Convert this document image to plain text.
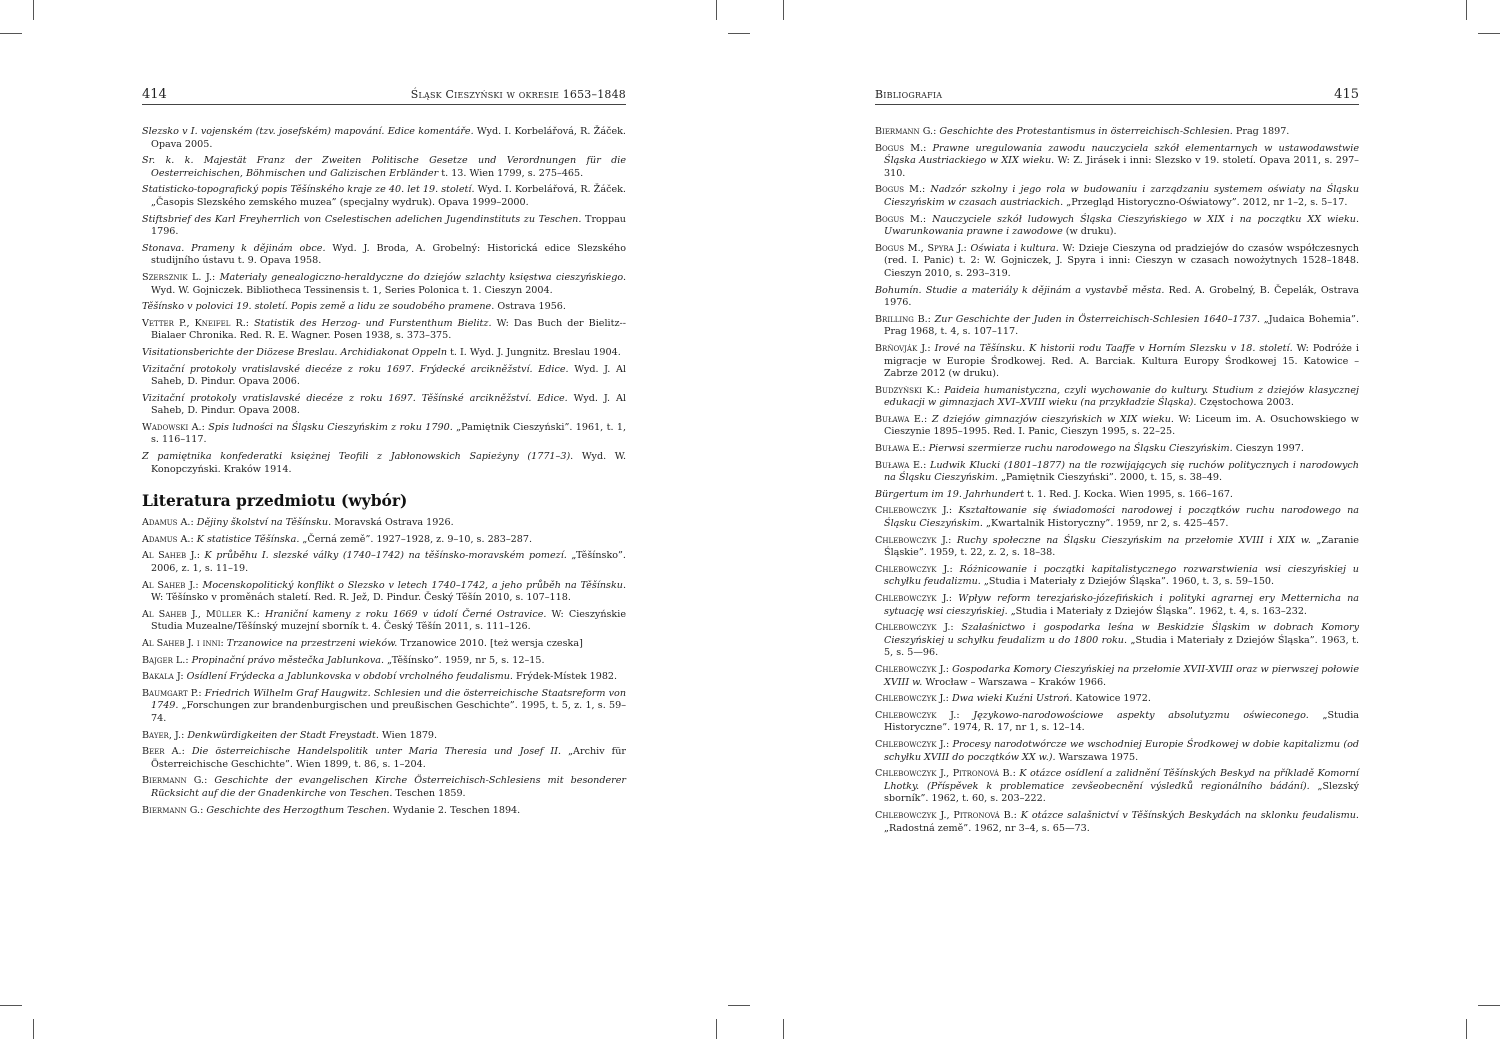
414	Śląsk Cieszyński w okresie 1653–1848

Slezsko v I. vojenském (tzv. josefském) mapování. Edice komentáře. Wyd. I. Korbelářová, R. Žáček. Opava 2005.

Sr. k. k. Majestät Franz der Zweiten Politische Gesetze und Verordnungen für die Oesterreichischen, Böhmischen und Galizischen Erbländer t. 13. Wien 1799, s. 275–465.

Statisticko-topografický popis Těšínského kraje ze 40. let 19. století. Wyd. I. Korbelářová, R. Žáček. „Časopis Slezského zemského muzea” (specjalny wydruk). Opava 1999–2000.

Stiftsbrief des Karl Freyherrlich von Cselestischen adelichen Jugendinstituts zu Teschen. Troppau 1796.

Stonava. Prameny k dějinám obce. Wyd. J. Broda, A. Grobelný: Historická edice Slezského studijního ústavu t. 9. Opava 1958.

Szersznik L. J.: Materiały genealogiczno-heraldyczne do dziejów szlachty księstwa cieszyńskiego. Wyd. W. Gojniczek. Bibliotheca Tessinensis t. 1, Series Polonica t. 1. Cieszyn 2004.

Těšínsko v polovici 19. století. Popis země a lidu ze soudobého pramene. Ostrava 1956.

Vetter P., Kneifel R.: Statistik des Herzog- und Furstenthum Bielitz. W: Das Buch der Bielitz--Bialaer Chronika. Red. R. E. Wagner. Posen 1938, s. 373–375.

Visitationsberichte der Diözese Breslau. Archidiakonat Oppeln t. I. Wyd. J. Jungnitz. Breslau 1904.

Vizitační protokoly vratislavské diecéze z roku 1697. Frýdecké arcikněžství. Edice. Wyd. J. Al Saheb, D. Pindur. Opava 2006.

Vizitační protokoly vratislavské diecéze z roku 1697. Těšínské arcikněžství. Edice. Wyd. J. Al Saheb, D. Pindur. Opava 2008.

Wadowski A.: Spis ludności na Śląsku Cieszyńskim z roku 1790. „Pamiętnik Cieszyński”. 1961, t. 1, s. 116–117.

Z pamiętnika konfederatki księżnej Teofili z Jabłonowskich Sapieżyny (1771–3). Wyd. W. Konopczyński. Kraków 1914.

Literatura przedmiotu (wybór)

Adamus A.: Dějiny školství na Těšínsku. Moravská Ostrava 1926.

Adamus A.: K statistice Těšínska. „Černá země”. 1927–1928, z. 9–10, s. 283–287.

Al Saheb J.: K průběhu I. slezské války (1740–1742) na těšínsko-moravském pomezí. „Těšínsko”. 2006, z. 1, s. 11–19.

Al Saheb J.: Mocenskopolitický konflikt o Slezsko v letech 1740–1742, a jeho průběh na Těšínsku. W: Těšínsko v proměnách staletí. Red. R. Jež, D. Pindur. Český Těšín 2010, s. 107–118.

Al Saheb J., Müller K.: Hraniční kameny z roku 1669 v údolí Černé Ostravice. W: Cieszyńskie Studia Muzealne/Těšínský muzejní sborník t. 4. Český Těšín 2011, s. 111–126.

Al Saheb J. i inni: Trzanowice na przestrzeni wieków. Trzanowice 2010. [też wersja czeska]

Bajger L.: Propinační právo městečka Jablunkova. „Těšínsko”. 1959, nr 5, s. 12–15.

Bakala J: Osídlení Frýdecka a Jablunkovska v období vrcholného feudalismu. Frýdek-Místek 1982.

Baumgart P.: Friedrich Wilhelm Graf Haugwitz. Schlesien und die österreichische Staatsreform von 1749. „Forschungen zur brandenburgischen und preußischen Geschichte”. 1995, t. 5, z. 1, s. 59–74.

Bayer, J.: Denkwürdigkeiten der Stadt Freystadt. Wien 1879.

Beer A.: Die österreichische Handelspolitik unter Maria Theresia und Josef II. „Archiv für Österreichische Geschichte”. Wien 1899, t. 86, s. 1–204.

Biermann G.: Geschichte der evangelischen Kirche Österreichisch-Schlesiens mit besonderer Rücksicht auf die der Gnadenkirche von Teschen. Teschen 1859.

Biermann G.: Geschichte des Herzogthum Teschen. Wydanie 2. Teschen 1894.

Bibliografia	415

Biermann G.: Geschichte des Protestantismus in österreichisch-Schlesien. Prag 1897.

Bogus M.: Prawne uregulowania zawodu nauczyciela szkół elementarnych w ustawodawstwie Śląska Austriackiego w XIX wieku. W: Z. Jirásek i inni: Slezsko v 19. století. Opava 2011, s. 297–310.

Bogus M.: Nadzór szkolny i jego rola w budowaniu i zarządzaniu systemem oświaty na Śląsku Cieszyńskim w czasach austriackich. „Przegląd Historyczno-Oświatowy”. 2012, nr 1–2, s. 5–17.

Bogus M.: Nauczyciele szkół ludowych Śląska Cieszyńskiego w XIX i na początku XX wieku. Uwarunkowania prawne i zawodowe (w druku).

Bogus M., Spyra J.: Oświata i kultura. W: Dzieje Cieszyna od pradziejów do czasów współczesnych (red. I. Panic) t. 2: W. Gojniczek, J. Spyra i inni: Cieszyn w czasach nowożytnych 1528–1848. Cieszyn 2010, s. 293–319.

Bohumín. Studie a materiály k dějinám a vystavbě města. Red. A. Grobelný, B. Čepelák, Ostrava 1976.

Brilling B.: Zur Geschichte der Juden in Österreichisch-Schlesien 1640–1737. „Judaica Bohemia”. Prag 1968, t. 4, s. 107–117.

Brňovják J.: Irové na Těšínsku. K historii rodu Taaffe v Horním Slezsku v 18. století. W: Podróże i migracje w Europie Środkowej. Red. A. Barciak. Kultura Europy Środkowej 15. Katowice – Zabrze 2012 (w druku).

Budzyński K.: Paideia humanistyczna, czyli wychowanie do kultury. Studium z dziejów klasycznej edukacji w gimnazjach XVI–XVIII wieku (na przykładzie Śląska). Częstochowa 2003.

Buława E.: Z dziejów gimnazjów cieszyńskich w XIX wieku. W: Liceum im. A. Osuchowskiego w Cieszynie 1895–1995. Red. I. Panic, Cieszyn 1995, s. 22–25.

Buława E.: Pierwsi szermierze ruchu narodowego na Śląsku Cieszyńskim. Cieszyn 1997.

Buława E.: Ludwik Klucki (1801–1877) na tle rozwijających się ruchów politycznych i narodowych na Śląsku Cieszyńskim. „Pamiętnik Cieszyński”. 2000, t. 15, s. 38–49.

Bürgertum im 19. Jahrhundert t. 1. Red. J. Kocka. Wien 1995, s. 166–167.

Chlebowczyk J.: Kształtowanie się świadomości narodowej i początków ruchu narodowego na Śląsku Cieszyńskim. „Kwartalnik Historyczny”. 1959, nr 2, s. 425–457.

Chlebowczyk J.: Ruchy społeczne na Śląsku Cieszyńskim na przełomie XVIII i XIX w. „Zaranie Śląskie”. 1959, t. 22, z. 2, s. 18–38.

Chlebowczyk J.: Różnicowanie i początki kapitalistycznego rozwarstwienia wsi cieszyńskiej u schyłku feudalizmu. „Studia i Materiały z Dziejów Śląska”. 1960, t. 3, s. 59–150.

Chlebowczyk J.: Wpływ reform terezjańsko-józefińskich i polityki agrarnej ery Metternicha na sytuację wsi cieszyńskiej. „Studia i Materiały z Dziejów Śląska”. 1962, t. 4, s. 163–232.

Chlebowczyk J.: Szałaśnictwo i gospodarka leśna w Beskidzie Śląskim w dobrach Komory Cieszyńskiej u schyłku feudalizm u do 1800 roku. „Studia i Materiały z Dziejów Śląska”. 1963, t. 5, s. 5—96.

Chlebowczyk J.: Gospodarka Komory Cieszyńskiej na przełomie XVII-XVIII oraz w pierwszej połowie XVIII w. Wrocław – Warszawa – Kraków 1966.

Chlebowczyk J.: Dwa wieki Kuźni Ustroń. Katowice 1972.

Chlebowczyk J.: Językowo-narodowościowe aspekty absolutyzmu oświeconego. „Studia Historyczne”. 1974, R. 17, nr 1, s. 12–14.

Chlebowczyk J.: Procesy narodotwórcze we wschodniej Europie Środkowej w dobie kapitalizmu (od schyłku XVIII do początków XX w.). Warszawa 1975.

Chlebowczyk J., Pitronová B.: K otázce osídlení a zalidnění Těšínských Beskyd na příkladě Komorní Lhotky. (Příspěvek k problematice zevšeobecnění výsledků regionálního bádání). „Slezský sborník”. 1962, t. 60, s. 203–222.

Chlebowczyk J., Pitronová B.: K otázce salašnictví v Těšínských Beskydách na sklonku feudalismu. „Radostná země”. 1962, nr 3–4, s. 65—73.
